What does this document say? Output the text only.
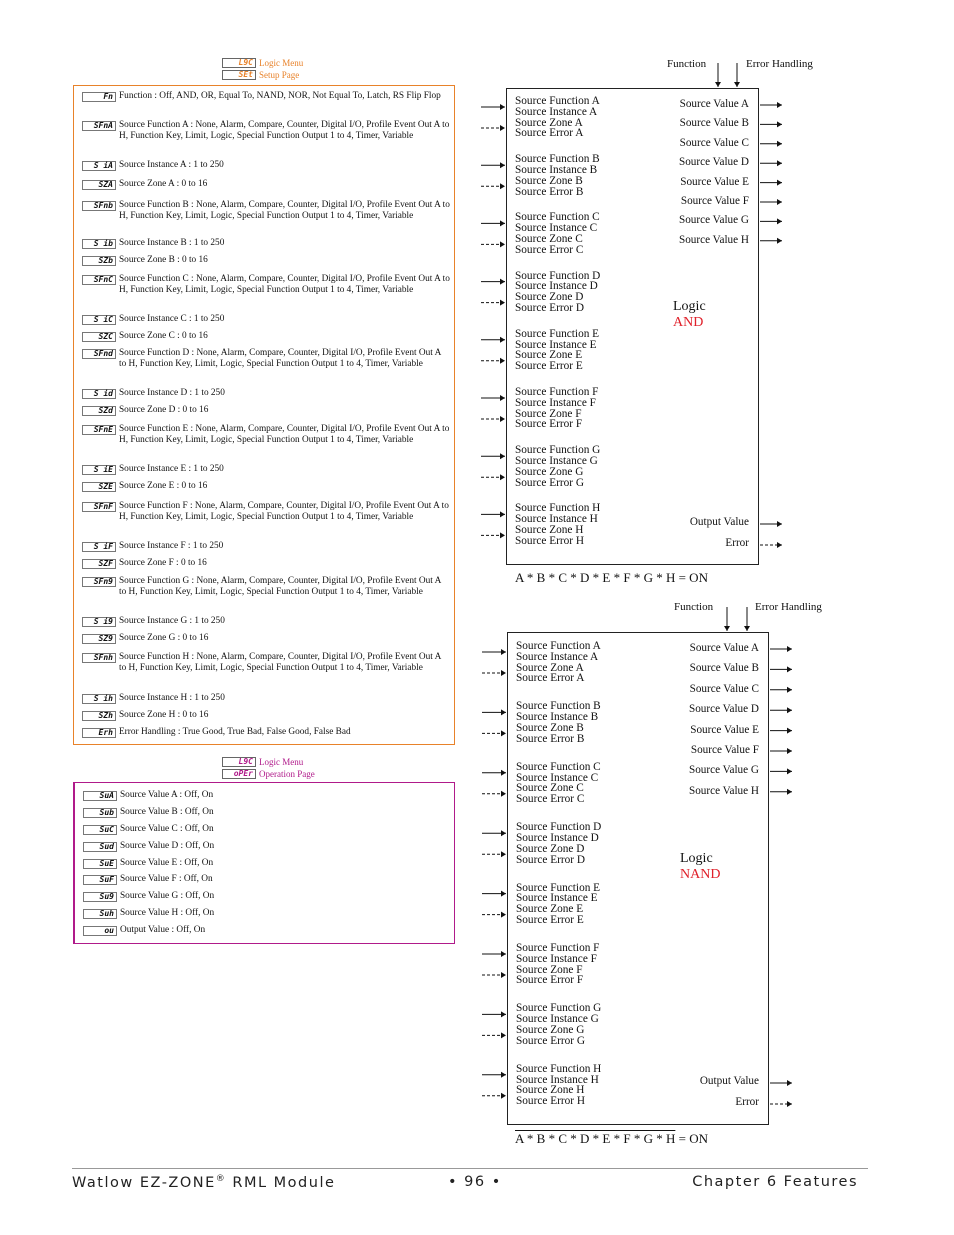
L9C Logic Menu
SEt Setup Page
Fn Function : Off, AND, OR, Equal To, NAND, NOR, Not Equal To, Latch, RS Flip Flop
SFnA Source Function A : None, Alarm, Compare, Counter, Digital I/O, Profile Event Out A to H, Function Key, Limit, Logic, Special Function Output 1 to 4, Timer, Variable
S iA Source Instance A : 1 to 250
SZA Source Zone A : 0 to 16
SFnb Source Function B : None, Alarm, Compare, Counter, Digital I/O, Profile Event Out A to H, Function Key, Limit, Logic, Special Function Output 1 to 4, Timer, Variable
S ib Source Instance B : 1 to 250
SZb Source Zone B : 0 to 16
SFnC Source Function C : None, Alarm, Compare, Counter, Digital I/O, Profile Event Out A to H, Function Key, Limit, Logic, Special Function Output 1 to 4, Timer, Variable
S iC Source Instance C : 1 to 250
SZC Source Zone C : 0 to 16
SFnd Source Function D : None, Alarm, Compare, Counter, Digital I/O, Profile Event Out A to H, Function Key, Limit, Logic, Special Function Output 1 to 4, Timer, Variable
S id Source Instance D : 1 to 250
SZd Source Zone D : 0 to 16
SFnE Source Function E : None, Alarm, Compare, Counter, Digital I/O, Profile Event Out A to H, Function Key, Limit, Logic, Special Function Output 1 to 4, Timer, Variable
S iE Source Instance E : 1 to 250
SZE Source Zone E : 0 to 16
SFnF Source Function F : None, Alarm, Compare, Counter, Digital I/O, Profile Event Out A to H, Function Key, Limit, Logic, Special Function Output 1 to 4, Timer, Variable
S iF Source Instance F : 1 to 250
SZF Source Zone F : 0 to 16
SFn9 Source Function G : None, Alarm, Compare, Counter, Digital I/O, Profile Event Out A to H, Function Key, Limit, Logic, Special Function Output 1 to 4, Timer, Variable
S i9 Source Instance G : 1 to 250
SZ9 Source Zone G : 0 to 16
SFnh Source Function H : None, Alarm, Compare, Counter, Digital I/O, Profile Event Out A to H, Function Key, Limit, Logic, Special Function Output 1 to 4, Timer, Variable
S ih Source Instance H : 1 to 250
SZh Source Zone H : 0 to 16
Erh Error Handling : True Good, True Bad, False Good, False Bad
L9C Logic Menu
oPEr Operation Page
SuA Source Value A : Off, On
Sub Source Value B : Off, On
SuC Source Value C : Off, On
Sud Source Value D : Off, On
SuE Source Value E : Off, On
SuF Source Value F : Off, On
Su9 Source Value G : Off, On
Suh Source Value H : Off, On
ou Output Value : Off, On
Function	Error Handling
Source Function A
Source Instance A
Source Zone A
Source Error A
Source Function B
Source Instance B
Source Zone B
Source Error B
Source Function C
Source Instance C
Source Zone C
Source Error C
Source Function D
Source Instance D
Source Zone D
Source Error D
Source Function E
Source Instance E
Source Zone E
Source Error E
Source Function F
Source Instance F
Source Zone F
Source Error F
Source Function G
Source Instance G
Source Zone G
Source Error G
Source Function H
Source Instance H
Source Zone H
Source Error H
Source Value A
Source Value B
Source Value C
Source Value D
Source Value E
Source Value F
Source Value G
Source Value H
Output Value
Error
Logic
AND
Function	Error Handling
Source Function A
Source Instance A
Source Zone A
Source Error A
Source Function B
Source Instance B
Source Zone B
Source Error B
Source Function C
Source Instance C
Source Zone C
Source Error C
Source Function D
Source Instance D
Source Zone D
Source Error D
Source Function E
Source Instance E
Source Zone E
Source Error E
Source Function F
Source Instance F
Source Zone F
Source Error F
Source Function G
Source Instance G
Source Zone G
Source Error G
Source Function H
Source Instance H
Source Zone H
Source Error H
Source Value A
Source Value B
Source Value C
Source Value D
Source Value E
Source Value F
Source Value G
Source Value H
Output Value
Error
Logic
NAND
Watlow EZ-ZONE® RML Module	• 96 •	Chapter 6 Features
A * B * C * D * E * F * G * H = ON
A * B * C * D * E * F * G * H = ON
